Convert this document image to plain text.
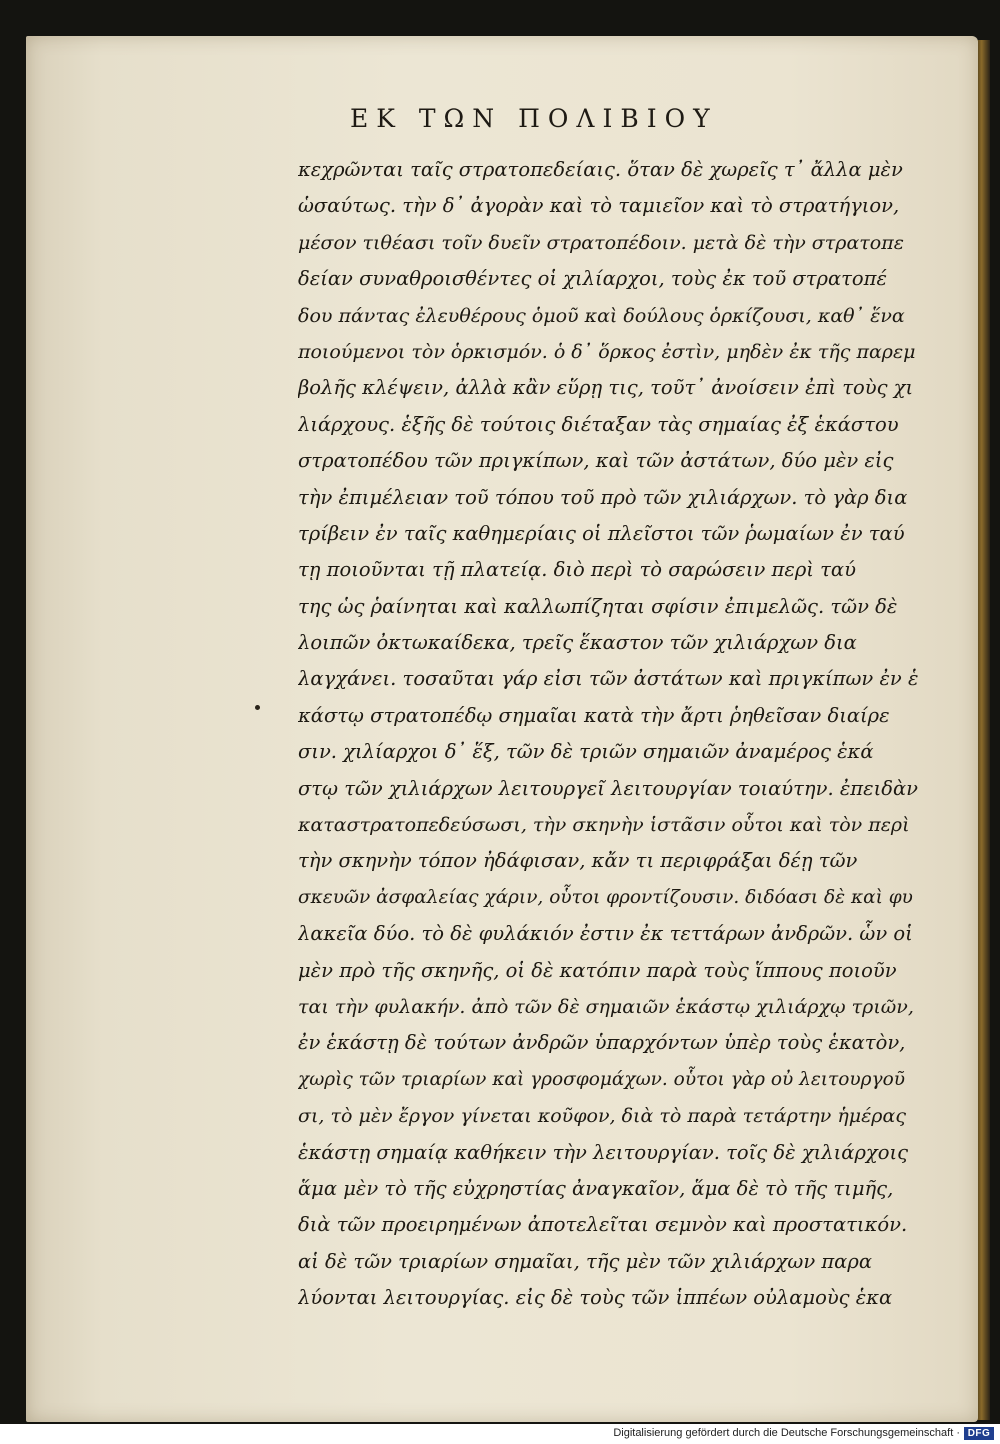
ΕΚ ΤΩΝ ΠΟΛΙΒΙΟΥ
κεχρῶνται ταῖς στρατοπεδείαις. ὅταν δὲ χωρεῖς τ᾽ ἄλλα μὲν
ὡσαύτως. τὴν δ᾽ ἀγορὰν καὶ τὸ ταμιεῖον καὶ τὸ στρατήγιον,
μέσον τιθέασι τοῖν δυεῖν στρατοπέδοιν. μετὰ δὲ τὴν στρατοπε
δείαν συναθροισθέντες οἱ χιλίαρχοι, τοὺς ἐκ τοῦ στρατοπέ
δου πάντας ἐλευθέρους ὁμοῦ καὶ δούλους ὁρκίζουσι, καθ᾽ ἕνα
ποιούμενοι τὸν ὁρκισμόν. ὁ δ᾽ ὅρκος ἐστὶν, μηδὲν ἐκ τῆς παρεμ
βολῆς κλέψειν, ἀλλὰ κἂν εὕρῃ τις, τοῦτ᾽ ἀνοίσειν ἐπὶ τοὺς χι
λιάρχους. ἑξῆς δὲ τούτοις διέταξαν τὰς σημαίας ἐξ ἑκάστου
στρατοπέδου τῶν πριγκίπων, καὶ τῶν ἀστάτων, δύο μὲν εἰς
τὴν ἐπιμέλειαν τοῦ τόπου τοῦ πρὸ τῶν χιλιάρχων. τὸ γὰρ δια
τρίβειν ἐν ταῖς καθημερίαις οἱ πλεῖστοι τῶν ῥωμαίων ἐν ταύ
τῃ ποιοῦνται τῇ πλατείᾳ. διὸ περὶ τὸ σαρώσειν περὶ ταύ
της ὡς ῥαίνηται καὶ καλλωπίζηται σφίσιν ἐπιμελῶς. τῶν δὲ
λοιπῶν ὀκτωκαίδεκα, τρεῖς ἕκαστον τῶν χιλιάρχων δια
λαγχάνει. τοσαῦται γάρ εἰσι τῶν ἀστάτων καὶ πριγκίπων ἐν ἑ
κάστῳ στρατοπέδῳ σημαῖαι κατὰ τὴν ἄρτι ῥηθεῖσαν διαίρε
σιν. χιλίαρχοι δ᾽ ἕξ, τῶν δὲ τριῶν σημαιῶν ἀναμέρος ἑκά
στῳ τῶν χιλιάρχων λειτουργεῖ λειτουργίαν τοιαύτην. ἐπειδὰν
καταστρατοπεδεύσωσι, τὴν σκηνὴν ἱστᾶσιν οὗτοι καὶ τὸν περὶ
τὴν σκηνὴν τόπον ἠδάφισαν, κἄν τι περιφράξαι δέῃ τῶν
σκευῶν ἀσφαλείας χάριν, οὗτοι φροντίζουσιν. διδόασι δὲ καὶ φυ
λακεῖα δύο. τὸ δὲ φυλάκιόν ἐστιν ἐκ τεττάρων ἀνδρῶν. ὧν οἱ
μὲν πρὸ τῆς σκηνῆς, οἱ δὲ κατόπιν παρὰ τοὺς ἵππους ποιοῦν
ται τὴν φυλακήν. ἀπὸ τῶν δὲ σημαιῶν ἑκάστῳ χιλιάρχῳ τριῶν,
ἐν ἑκάστῃ δὲ τούτων ἀνδρῶν ὑπαρχόντων ὑπὲρ τοὺς ἑκατὸν,
χωρὶς τῶν τριαρίων καὶ γροσφομάχων. οὗτοι γὰρ οὐ λειτουργοῦ
σι, τὸ μὲν ἔργον γίνεται κοῦφον, διὰ τὸ παρὰ τετάρτην ἡμέρας
ἑκάστῃ σημαίᾳ καθήκειν τὴν λειτουργίαν. τοῖς δὲ χιλιάρχοις
ἅμα μὲν τὸ τῆς εὐχρηστίας ἀναγκαῖον, ἅμα δὲ τὸ τῆς τιμῆς,
διὰ τῶν προειρημένων ἀποτελεῖται σεμνὸν καὶ προστατικόν.
αἱ δὲ τῶν τριαρίων σημαῖαι, τῆς μὲν τῶν χιλιάρχων παρα
λύονται λειτουργίας. εἰς δὲ τοὺς τῶν ἱππέων οὐλαμοὺς ἑκα
Digitalisierung gefördert durch die Deutsche Forschungsgemeinschaft · DFG
